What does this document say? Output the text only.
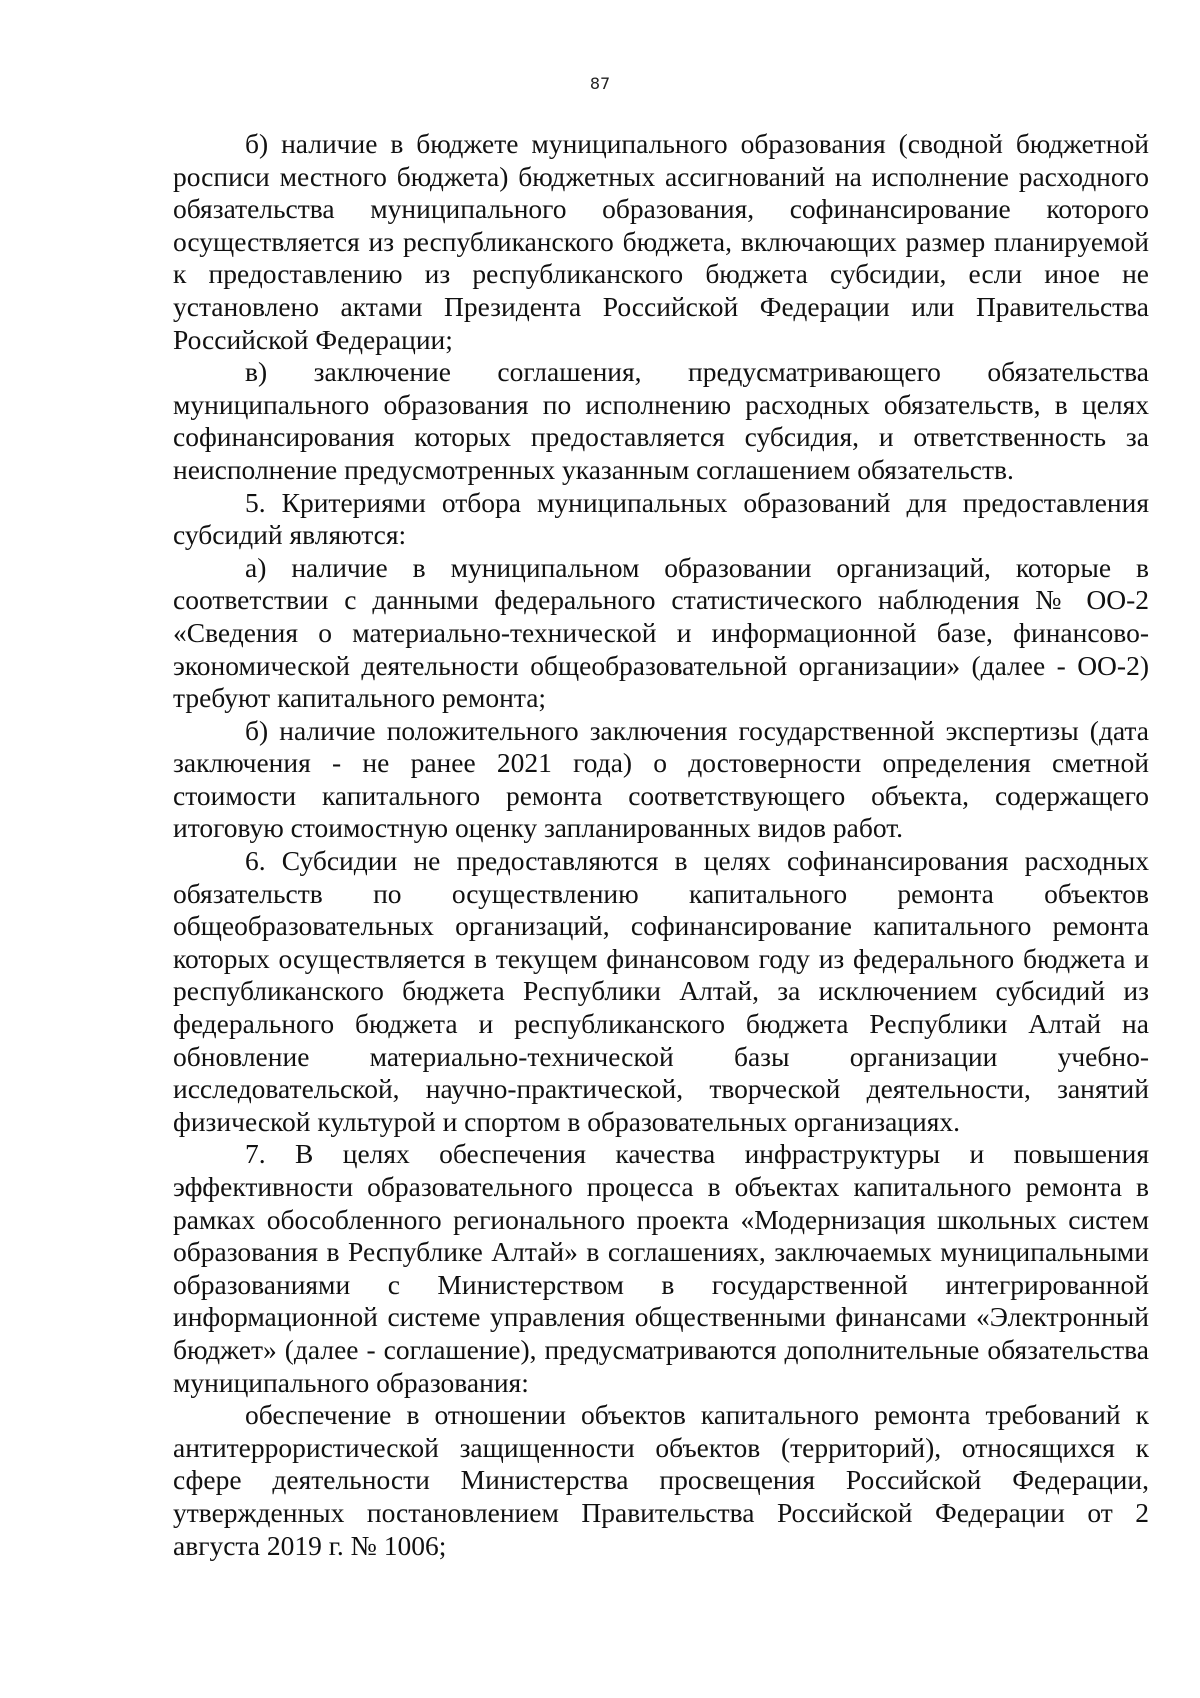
87

б) наличие в бюджете муниципального образования (сводной бюджетной росписи местного бюджета) бюджетных ассигнований на исполнение расходного обязательства муниципального образования, софинансирование которого осуществляется из республиканского бюджета, включающих размер планируемой к предоставлению из республиканского бюджета субсидии, если иное не установлено актами Президента Российской Федерации или Правительства Российской Федерации;

в) заключение соглашения, предусматривающего обязательства муниципального образования по исполнению расходных обязательств, в целях софинансирования которых предоставляется субсидия, и ответственность за неисполнение предусмотренных указанным соглашением обязательств.

5. Критериями отбора муниципальных образований для предоставления субсидий являются:

а) наличие в муниципальном образовании организаций, которые в соответствии с данными федерального статистического наблюдения № ОО-2 «Сведения о материально-технической и информационной базе, финансово-экономической деятельности общеобразовательной организации» (далее - ОО-2) требуют капитального ремонта;

б) наличие положительного заключения государственной экспертизы (дата заключения - не ранее 2021 года) о достоверности определения сметной стоимости капитального ремонта соответствующего объекта, содержащего итоговую стоимостную оценку запланированных видов работ.

6. Субсидии не предоставляются в целях софинансирования расходных обязательств по осуществлению капитального ремонта объектов общеобразовательных организаций, софинансирование капитального ремонта которых осуществляется в текущем финансовом году из федерального бюджета и республиканского бюджета Республики Алтай, за исключением субсидий из федерального бюджета и республиканского бюджета Республики Алтай на обновление материально-технической базы организации учебно-исследовательской, научно-практической, творческой деятельности, занятий физической культурой и спортом в образовательных организациях.

7. В целях обеспечения качества инфраструктуры и повышения эффективности образовательного процесса в объектах капитального ремонта в рамках обособленного регионального проекта «Модернизация школьных систем образования в Республике Алтай» в соглашениях, заключаемых муниципальными образованиями с Министерством в государственной интегрированной информационной системе управления общественными финансами «Электронный бюджет» (далее - соглашение), предусматриваются дополнительные обязательства муниципального образования:

обеспечение в отношении объектов капитального ремонта требований к антитеррористической защищенности объектов (территорий), относящихся к сфере деятельности Министерства просвещения Российской Федерации, утвержденных постановлением Правительства Российской Федерации от 2 августа 2019 г. № 1006;
